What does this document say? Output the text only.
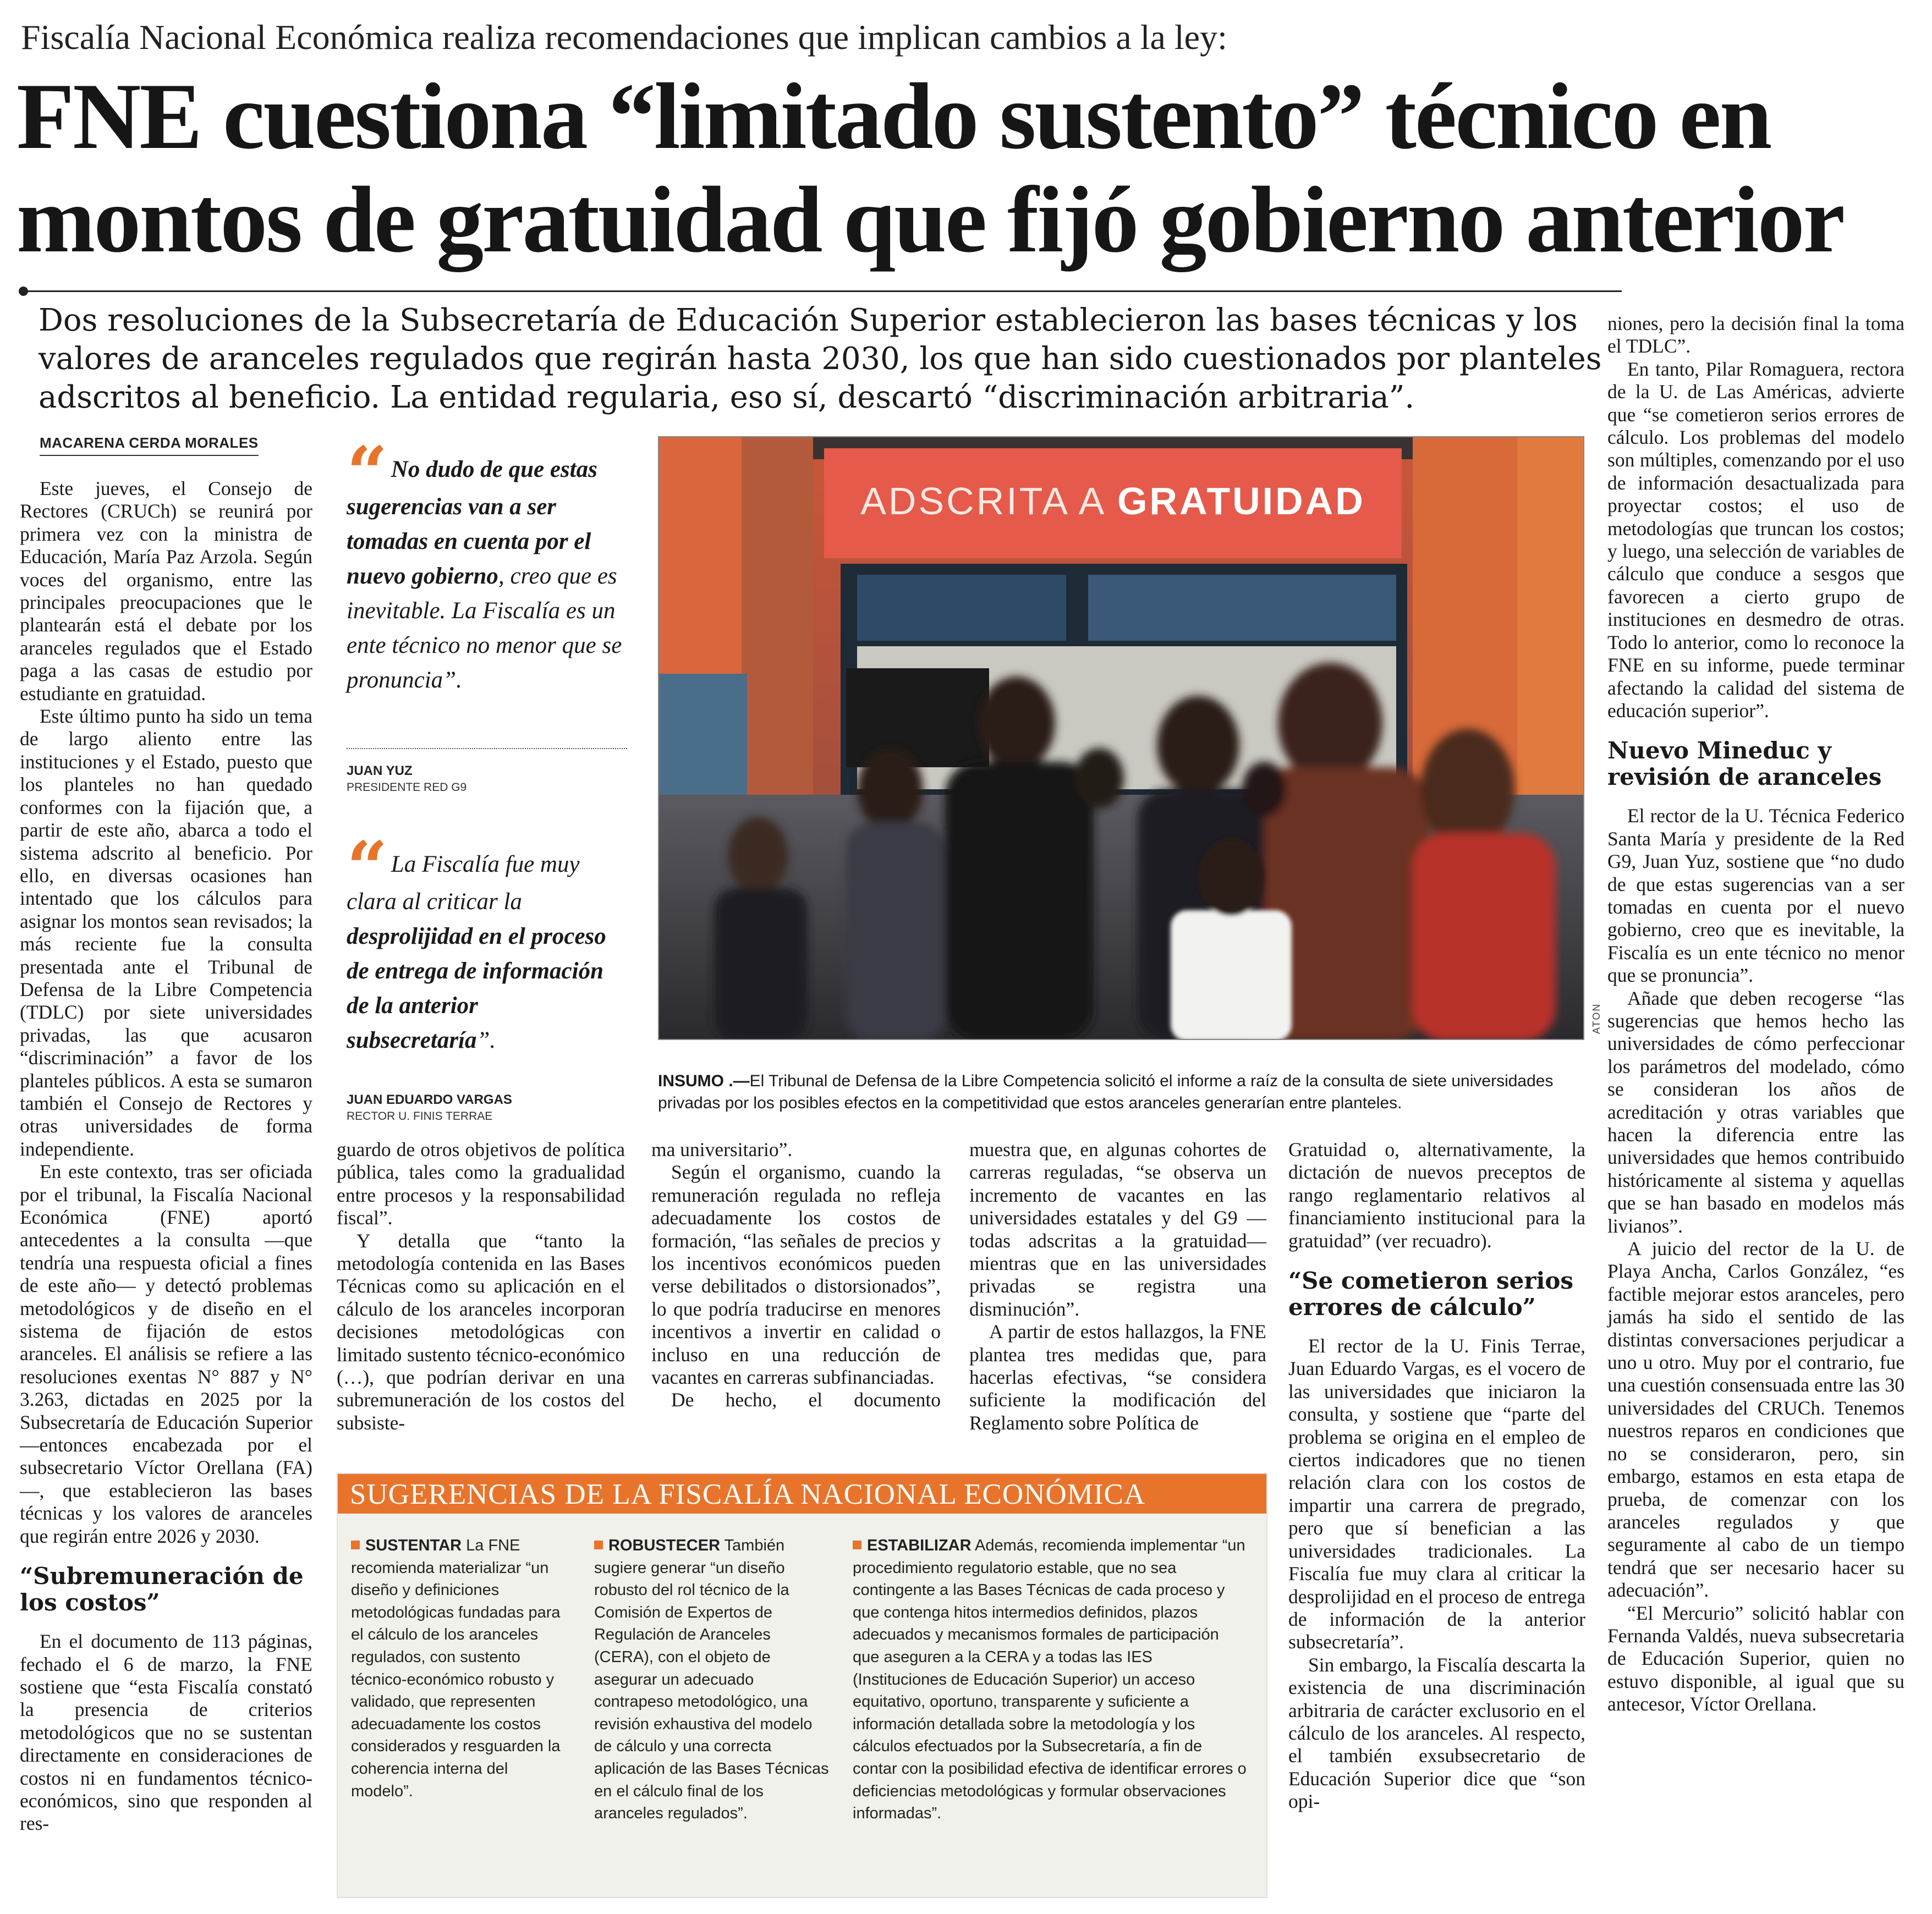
Fiscalía Nacional Económica realiza recomendaciones que implican cambios a la ley:
FNE cuestiona “limitado sustento” técnico en montos de gratuidad que fijó gobierno anterior
Dos resoluciones de la Subsecretaría de Educación Superior establecieron las bases técnicas y los valores de aranceles regulados que regirán hasta 2030, los que han sido cuestionados por planteles adscritos al beneficio. La entidad regularia, eso sí, descartó “discriminación arbitraria”.
MACARENA CERDA MORALES

Este jueves, el Consejo de Rectores (CRUCh) se reunirá por primera vez con la ministra de Educación, María Paz Arzola. Según voces del organismo, entre las principales preocupaciones que le plantearán está el debate por los aranceles regulados que el Estado paga a las casas de estudio por estudiante en gratuidad.

Este último punto ha sido un tema de largo aliento entre las instituciones y el Estado, puesto que los planteles no han quedado conformes con la fijación que, a partir de este año, abarca a todo el sistema adscrito al beneficio. Por ello, en diversas ocasiones han intentado que los cálculos para asignar los montos sean revisados; la más reciente fue la consulta presentada ante el Tribunal de Defensa de la Libre Competencia (TDLC) por siete universidades privadas, las que acusaron “discriminación” a favor de los planteles públicos. A esta se sumaron también el Consejo de Rectores y otras universidades de forma independiente.

En este contexto, tras ser oficiada por el tribunal, la Fiscalía Nacional Económica (FNE) aportó antecedentes a la consulta —que tendría una respuesta oficial a fines de este año— y detectó problemas metodológicos y de diseño en el sistema de fijación de estos aranceles. El análisis se refiere a las resoluciones exentas N° 887 y N° 3.263, dictadas en 2025 por la Subsecretaría de Educación Superior —entonces encabezada por el subsecretario Víctor Orellana (FA)—, que establecieron las bases técnicas y los valores de aranceles que regirán entre 2026 y 2030.

“Subremuneración de los costos”

En el documento de 113 páginas, fechado el 6 de marzo, la FNE sostiene que “esta Fiscalía constató la presencia de criterios metodológicos que no se sustentan directamente en consideraciones de costos ni en fundamentos técnico-económicos, sino que responden al res-

“ No dudo de que estas sugerencias van a ser tomadas en cuenta por el nuevo gobierno, creo que es inevitable. La Fiscalía es un ente técnico no menor que se pronuncia”.
JUAN YUZ
PRESIDENTE RED G9
“ La Fiscalía fue muy clara al criticar la desprolijidad en el proceso de entrega de información de la anterior subsecretaría”.
JUAN EDUARDO VARGAS
RECTOR U. FINIS TERRAE
ADSCRITA A GRATUIDAD
ATON
INSUMO .—El Tribunal de Defensa de la Libre Competencia solicitó el informe a raíz de la consulta de siete universidades privadas por los posibles efectos en la competitividad que estos aranceles generarían entre planteles.

guardo de otros objetivos de política pública, tales como la gradualidad entre procesos y la responsabilidad fiscal”.

Y detalla que “tanto la metodología contenida en las Bases Técnicas como su aplicación en el cálculo de los aranceles incorporan decisiones metodológicas con limitado sustento técnico-económico (…), que podrían derivar en una subremuneración de los costos del subsiste-

ma universitario”.

Según el organismo, cuando la remuneración regulada no refleja adecuadamente los costos de formación, “las señales de precios y los incentivos económicos pueden verse debilitados o distorsionados”, lo que podría traducirse en menores incentivos a invertir en calidad o incluso en una reducción de vacantes en carreras subfinanciadas.

De hecho, el documento

muestra que, en algunas cohortes de carreras reguladas, “se observa un incremento de vacantes en las universidades estatales y del G9 —todas adscritas a la gratuidad— mientras que en las universidades privadas se registra una disminución”.

A partir de estos hallazgos, la FNE plantea tres medidas que, para hacerlas efectivas, “se considera suficiente la modificación del Reglamento sobre Política de

Gratuidad o, alternativamente, la dictación de nuevos preceptos de rango reglamentario relativos al financiamiento institucional para la gratuidad” (ver recuadro).

“Se cometieron serios errores de cálculo”

El rector de la U. Finis Terrae, Juan Eduardo Vargas, es el vocero de las universidades que iniciaron la consulta, y sostiene que “parte del problema se origina en el empleo de ciertos indicadores que no tienen relación clara con los costos de impartir una carrera de pregrado, pero que sí benefician a las universidades tradicionales. La Fiscalía fue muy clara al criticar la desprolijidad en el proceso de entrega de información de la anterior subsecretaría”.

Sin embargo, la Fiscalía descarta la existencia de una discriminación arbitraria de carácter exclusorio en el cálculo de los aranceles. Al respecto, el también exsubsecretario de Educación Superior dice que “son opi-

niones, pero la decisión final la toma el TDLC”.

En tanto, Pilar Romaguera, rectora de la U. de Las Américas, advierte que “se cometieron serios errores de cálculo. Los problemas del modelo son múltiples, comenzando por el uso de información desactualizada para proyectar costos; el uso de metodologías que truncan los costos; y luego, una selección de variables de cálculo que conduce a sesgos que favorecen a cierto grupo de instituciones en desmedro de otras. Todo lo anterior, como lo reconoce la FNE en su informe, puede terminar afectando la calidad del sistema de educación superior”.

Nuevo Mineduc y revisión de aranceles

El rector de la U. Técnica Federico Santa María y presidente de la Red G9, Juan Yuz, sostiene que “no dudo de que estas sugerencias van a ser tomadas en cuenta por el nuevo gobierno, creo que es inevitable, la Fiscalía es un ente técnico no menor que se pronuncia”.

Añade que deben recogerse “las sugerencias que hemos hecho las universidades de cómo perfeccionar los parámetros del modelado, cómo se consideran los años de acreditación y otras variables que hacen la diferencia entre las universidades que hemos contribuido históricamente al sistema y aquellas que se han basado en modelos más livianos”.

A juicio del rector de la U. de Playa Ancha, Carlos González, “es factible mejorar estos aranceles, pero jamás ha sido el sentido de las distintas conversaciones perjudicar a uno u otro. Muy por el contrario, fue una cuestión consensuada entre las 30 universidades del CRUCh. Tenemos nuestros reparos en condiciones que no se consideraron, pero, sin embargo, estamos en esta etapa de prueba, de comenzar con los aranceles regulados y que seguramente al cabo de un tiempo tendrá que ser necesario hacer su adecuación”.

“El Mercurio” solicitó hablar con Fernanda Valdés, nueva subsecretaria de Educación Superior, quien no estuvo disponible, al igual que su antecesor, Víctor Orellana.

SUGERENCIAS DE LA FISCALÍA NACIONAL ECONÓMICA
SUSTENTAR La FNE recomienda materializar “un diseño y definiciones metodológicas fundadas para el cálculo de los aranceles regulados, con sustento técnico-económico robusto y validado, que representen adecuadamente los costos considerados y resguarden la coherencia interna del modelo”.
ROBUSTECER También sugiere generar “un diseño robusto del rol técnico de la Comisión de Expertos de Regulación de Aranceles (CERA), con el objeto de asegurar un adecuado contrapeso metodológico, una revisión exhaustiva del modelo de cálculo y una correcta aplicación de las Bases Técnicas en el cálculo final de los aranceles regulados”.
ESTABILIZAR Además, recomienda implementar “un procedimiento regulatorio estable, que no sea contingente a las Bases Técnicas de cada proceso y que contenga hitos intermedios definidos, plazos adecuados y mecanismos formales de participación que aseguren a la CERA y a todas las IES (Instituciones de Educación Superior) un acceso equitativo, oportuno, transparente y suficiente a información detallada sobre la metodología y los cálculos efectuados por la Subsecretaría, a fin de contar con la posibilidad efectiva de identificar errores o deficiencias metodológicas y formular observaciones informadas”.
